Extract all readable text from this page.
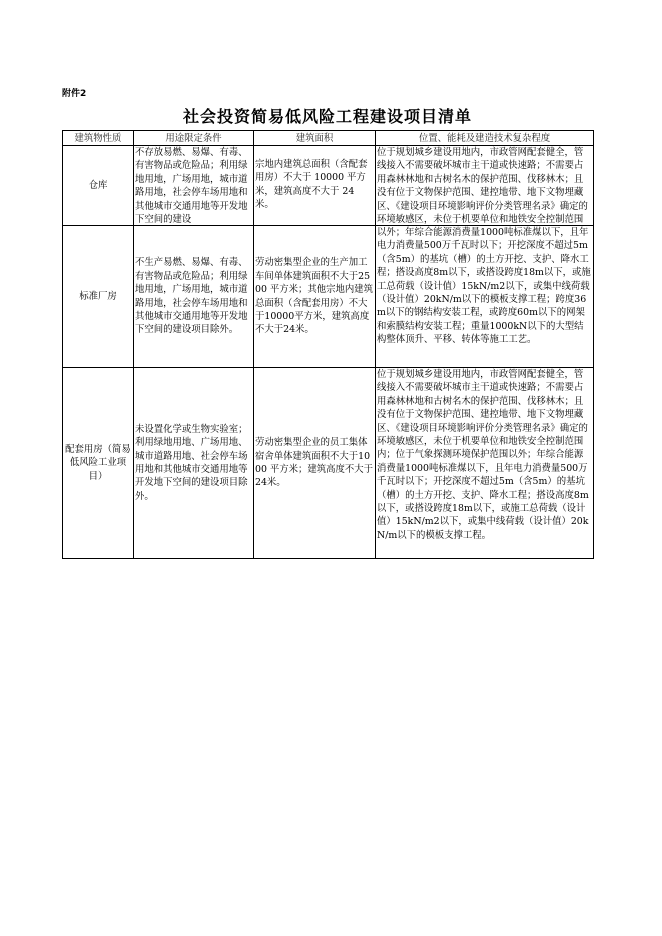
附件2
社会投资简易低风险工程建设项目清单
建筑物性质	用途限定条件	建筑面积	位置、能耗及建造技术复杂程度
仓库	不存放易燃、易爆、有毒、有害物品或危险品；利用绿地用地，广场用地，城市道路用地，社会停车场用地和其他城市交通用地等开发地下空间的建设	宗地内建筑总面积（含配套用房）不大于 10000 平方米，建筑高度不大于 24 米。	位于规划城乡建设用地内，市政管网配套健全，管线接入不需要破坏城市主干道或快速路；不需要占用森林林地和古树名木的保护范围、伐移林木；且没有位于文物保护范围、建控地带、地下文物埋藏区、《建设项目环境影响评价分类管理名录》确定的环境敏感区，未位于机要单位和地铁安全控制范围

标准厂房	不生产易燃、易爆、有毒、有害物品或危险品；利用绿地用地，广场用地，城市道路用地，社会停车场用地和其他城市交通用地等开发地下空间的建设项目除外。	劳动密集型企业的生产加工车间单体建筑面积不大于2500 平方米；其他宗地内建筑总面积（含配套用房）不大于10000平方米，建筑高度不大于24米。	以外；年综合能源消费量1000吨标准煤以下，且年电力消费量500万千瓦时以下；开挖深度不超过5m（含5m）的基坑（槽）的土方开挖、支护、降水工程；搭设高度8m以下，或搭设跨度18m以下，或施工总荷载（设计值）15kN/m2以下，或集中线荷载（设计值）20kN/m以下的模板支撑工程；跨度36m以下的钢结构安装工程，或跨度60m以下的网架和索膜结构安装工程；重量1000kN以下的大型结构整体顶升、平移、转体等施工工艺。

配套用房（简易低风险工业项目）	未设置化学或生物实验室；利用绿地用地、广场用地、城市道路用地、社会停车场用地和其他城市交通用地等开发地下空间的建设项目除外。	劳动密集型企业的员工集体宿舍单体建筑面积不大于1000 平方米；建筑高度不大于24米。	位于规划城乡建设用地内，市政管网配套健全，管线接入不需要破坏城市主干道或快速路；不需要占用森林林地和古树名木的保护范围、伐移林木；且没有位于文物保护范围、建控地带、地下文物埋藏区、《建设项目环境影响评价分类管理名录》确定的环境敏感区，未位于机要单位和地铁安全控制范围内；位于气象探测环境保护范围以外；年综合能源消费量1000吨标准煤以下，且年电力消费量500万千瓦时以下；开挖深度不超过5m（含5m）的基坑（槽）的土方开挖、支护、降水工程；搭设高度8m以下，或搭设跨度18m以下，或施工总荷载（设计值）15kN/m2以下，或集中线荷载（设计值）20kN/m以下的模板支撑工程。
